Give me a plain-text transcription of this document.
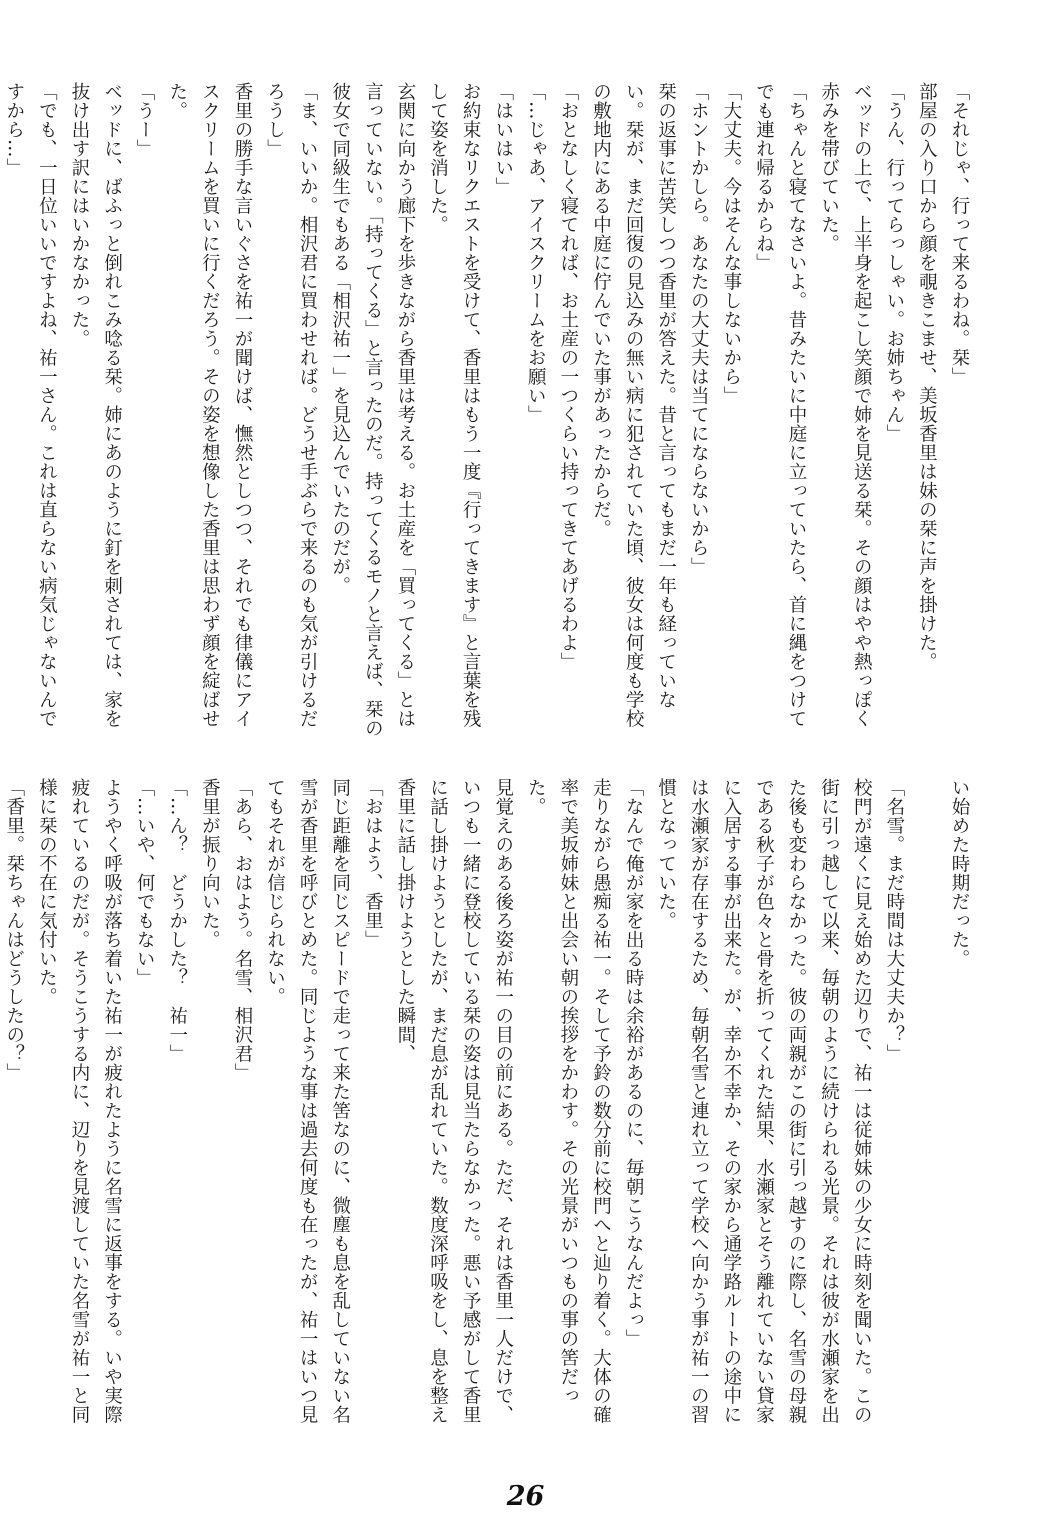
「それじゃ、行って来るわね。栞」

部屋の入り口から顔を覗きこませ、美坂香里は妹の栞に声を掛けた。

「うん、行ってらっしゃい。お姉ちゃん」

ベッドの上で、上半身を起こし笑顔で姉を見送る栞。その顔はやや熱っぽく赤みを帯びていた。

「ちゃんと寝てなさいよ。昔みたいに中庭に立っていたら、首に縄をつけてでも連れ帰るからね」

「大丈夫。今はそんな事しないから」

「ホントかしら。あなたの大丈夫は当てにならないから」

栞の返事に苦笑しつつ香里が答えた。昔と言ってもまだ一年も経っていない。栞が、まだ回復の見込みの無い病に犯されていた頃、彼女は何度も学校の敷地内にある中庭に佇んでいた事があったからだ。

「おとなしく寝てれば、お土産の一つくらい持ってきてあげるわよ」

「…じゃあ、アイスクリームをお願い」

「はいはい」

お約束なリクエストを受けて、香里はもう一度『行ってきます』と言葉を残して姿を消した。

玄関に向かう廊下を歩きながら香里は考える。お土産を「買ってくる」とは言っていない。「持ってくる」と言ったのだ。持ってくるモノと言えば、栞の彼女で同級生でもある「相沢祐一」を見込んでいたのだが。

「ま、いいか。相沢君に買わせれば。どうせ手ぶらで来るのも気が引けるだろうし」

香里の勝手な言いぐさを祐一が聞けば、憮然としつつ、それでも律儀にアイスクリームを買いに行くだろう。その姿を想像した香里は思わず顔を綻ばせた。

「うー」

ベッドに、ばふっと倒れこみ唸る栞。姉にあのように釘を刺されては、家を抜け出す訳にはいかなかった。

「でも、一日位いいですよね、祐一さん。これは直らない病気じゃないんですから…」

い始めた時期だった。

「名雪。まだ時間は大丈夫か？」

校門が遠くに見え始めた辺りで、祐一は従姉妹の少女に時刻を聞いた。この街に引っ越して以来、毎朝のように続けられる光景。それは彼が水瀬家を出た後も変わらなかった。彼の両親がこの街に引っ越すのに際し、名雪の母親である秋子が色々と骨を折ってくれた結果、水瀬家とそう離れていない貸家に入居する事が出来た。が、幸か不幸か、その家から通学路ルートの途中には水瀬家が存在するため、毎朝名雪と連れ立って学校へ向かう事が祐一の習慣となっていた。

「なんで俺が家を出る時は余裕があるのに、毎朝こうなんだよっ」

走りながら愚痴る祐一。そして予鈴の数分前に校門へと辿り着く。大体の確率で美坂姉妹と出会い朝の挨拶をかわす。その光景がいつもの事の筈だった。

見覚えのある後ろ姿が祐一の目の前にある。ただ、それは香里一人だけで、いつも一緒に登校している栞の姿は見当たらなかった。悪い予感がして香里に話し掛けようとしたが、まだ息が乱れていた。数度深呼吸をし、息を整え香里に話し掛けようとした瞬間、

「おはよう、香里」

同じ距離を同じスピードで走って来た筈なのに、微塵も息を乱していない名雪が香里を呼びとめた。同じような事は過去何度も在ったが、祐一はいつ見てもそれが信じられない。

「あら、おはよう。名雪、相沢君」

香里が振り向いた。

「…ん？　どうかした？　祐一」

「…いや、何でもない」

ようやく呼吸が落ち着いた祐一が疲れたように名雪に返事をする。いや実際疲れているのだが。そうこうする内に、辺りを見渡していた名雪が祐一と同様に栞の不在に気付いた。

「香里。栞ちゃんはどうしたの？」

26
